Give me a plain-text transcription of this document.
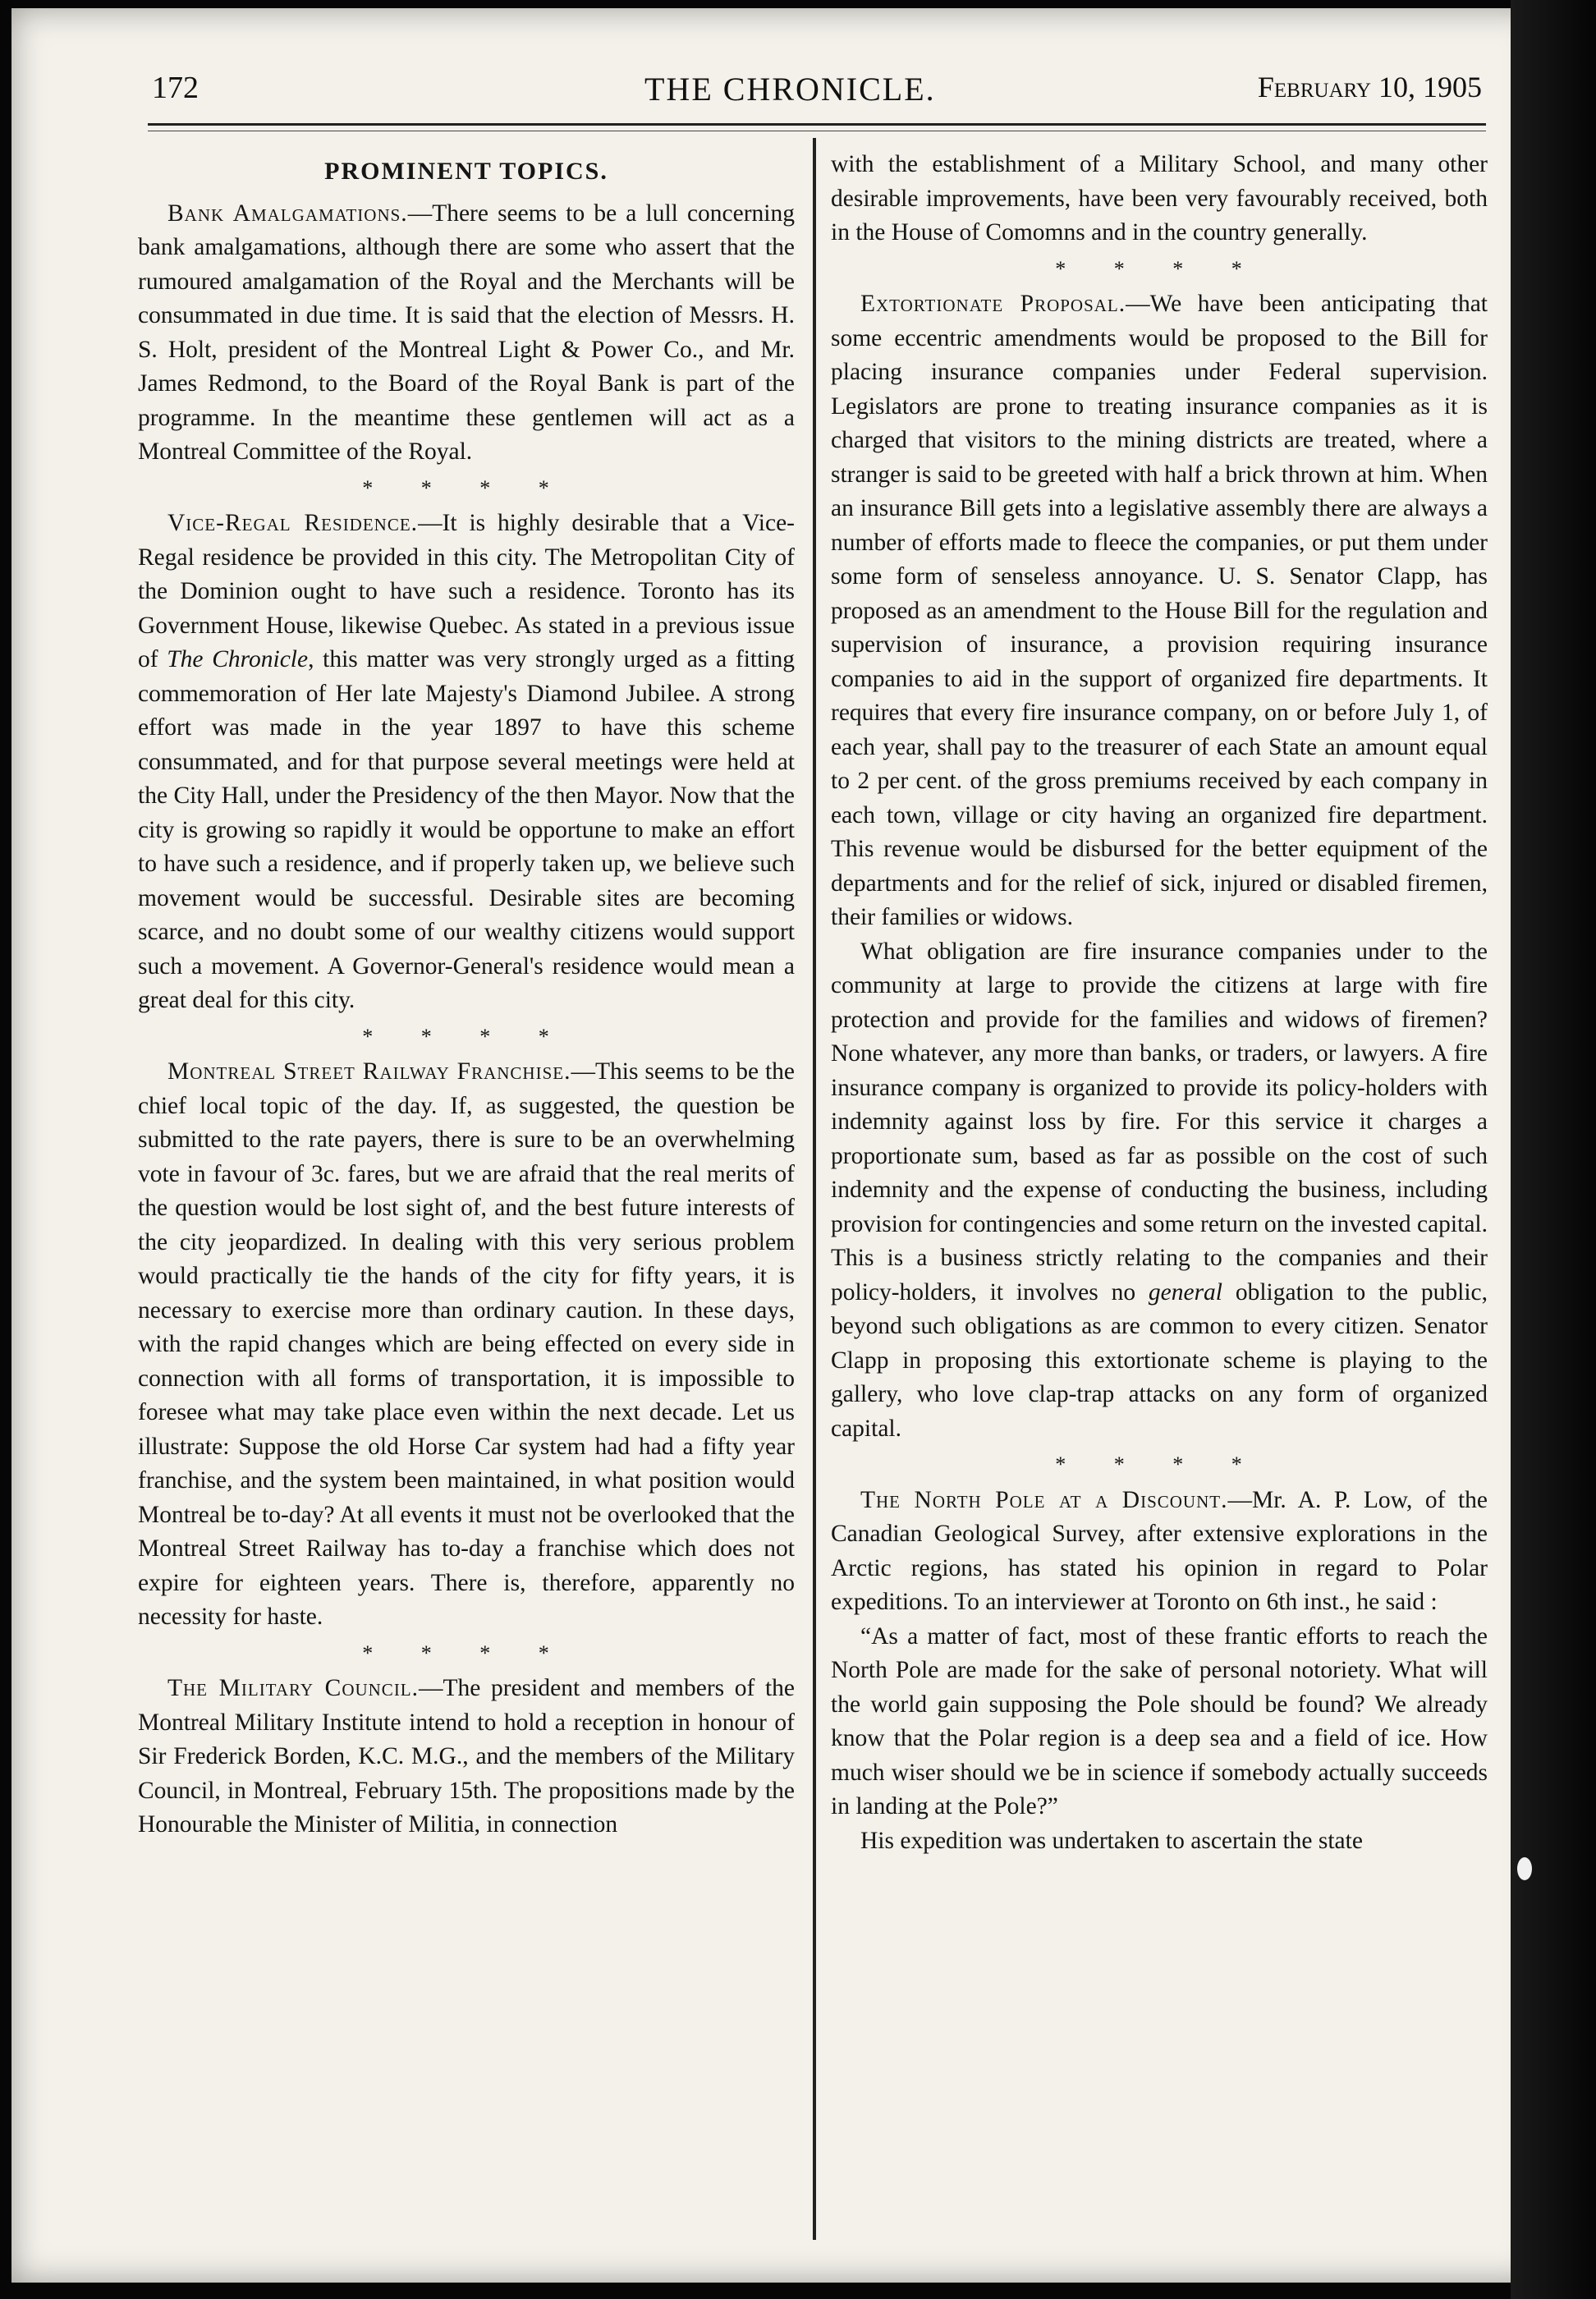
172	THE CHRONICLE.	February 10, 1905
PROMINENT TOPICS.

Bank Amalgamations.—There seems to be a lull concerning bank amalgamations, although there are some who assert that the rumoured amalgamation of the Royal and the Merchants will be consummated in due time. It is said that the election of Messrs. H. S. Holt, president of the Montreal Light & Power Co., and Mr. James Redmond, to the Board of the Royal Bank is part of the programme. In the meantime these gentlemen will act as a Montreal Committee of the Royal.

* * * *

Vice-Regal Residence.—It is highly desirable that a Vice-Regal residence be provided in this city. The Metropolitan City of the Dominion ought to have such a residence. Toronto has its Government House, likewise Quebec. As stated in a previous issue of The Chronicle, this matter was very strongly urged as a fitting commemoration of Her late Majesty's Diamond Jubilee. A strong effort was made in the year 1897 to have this scheme consummated, and for that purpose several meetings were held at the City Hall, under the Presidency of the then Mayor. Now that the city is growing so rapidly it would be opportune to make an effort to have such a residence, and if properly taken up, we believe such movement would be successful. Desirable sites are becoming scarce, and no doubt some of our wealthy citizens would support such a movement. A Governor-General's residence would mean a great deal for this city.

* * * *

Montreal Street Railway Franchise.—This seems to be the chief local topic of the day. If, as suggested, the question be submitted to the rate payers, there is sure to be an overwhelming vote in favour of 3c. fares, but we are afraid that the real merits of the question would be lost sight of, and the best future interests of the city jeopardized. In dealing with this very serious problem would practically tie the hands of the city for fifty years, it is necessary to exercise more than ordinary caution. In these days, with the rapid changes which are being effected on every side in connection with all forms of transportation, it is impossible to foresee what may take place even within the next decade. Let us illustrate: Suppose the old Horse Car system had had a fifty year franchise, and the system been maintained, in what position would Montreal be to-day? At all events it must not be overlooked that the Montreal Street Railway has to-day a franchise which does not expire for eighteen years. There is, therefore, apparently no necessity for haste.

* * * *

The Military Council.—The president and members of the Montreal Military Institute intend to hold a reception in honour of Sir Frederick Borden, K.C. M.G., and the members of the Military Council, in Montreal, February 15th. The propositions made by the Honourable the Minister of Militia, in connection

with the establishment of a Military School, and many other desirable improvements, have been very favourably received, both in the House of Comomns and in the country generally.

* * * *

Extortionate Proposal.—We have been anticipating that some eccentric amendments would be proposed to the Bill for placing insurance companies under Federal supervision. Legislators are prone to treating insurance companies as it is charged that visitors to the mining districts are treated, where a stranger is said to be greeted with half a brick thrown at him. When an insurance Bill gets into a legislative assembly there are always a number of efforts made to fleece the companies, or put them under some form of senseless annoyance. U. S. Senator Clapp, has proposed as an amendment to the House Bill for the regulation and supervision of insurance, a provision requiring insurance companies to aid in the support of organized fire departments. It requires that every fire insurance company, on or before July 1, of each year, shall pay to the treasurer of each State an amount equal to 2 per cent. of the gross premiums received by each company in each town, village or city having an organized fire department. This revenue would be disbursed for the better equipment of the departments and for the relief of sick, injured or disabled firemen, their families or widows.

What obligation are fire insurance companies under to the community at large to provide the citizens at large with fire protection and provide for the families and widows of firemen? None whatever, any more than banks, or traders, or lawyers. A fire insurance company is organized to provide its policy-holders with indemnity against loss by fire. For this service it charges a proportionate sum, based as far as possible on the cost of such indemnity and the expense of conducting the business, including provision for contingencies and some return on the invested capital. This is a business strictly relating to the companies and their policy-holders, it involves no general obligation to the public, beyond such obligations as are common to every citizen. Senator Clapp in proposing this extortionate scheme is playing to the gallery, who love clap-trap attacks on any form of organized capital.

* * * *

The North Pole at a Discount.—Mr. A. P. Low, of the Canadian Geological Survey, after extensive explorations in the Arctic regions, has stated his opinion in regard to Polar expeditions. To an interviewer at Toronto on 6th inst., he said :

“As a matter of fact, most of these frantic efforts to reach the North Pole are made for the sake of personal notoriety. What will the world gain supposing the Pole should be found? We already know that the Polar region is a deep sea and a field of ice. How much wiser should we be in science if somebody actually succeeds in landing at the Pole?”

His expedition was undertaken to ascertain the state
